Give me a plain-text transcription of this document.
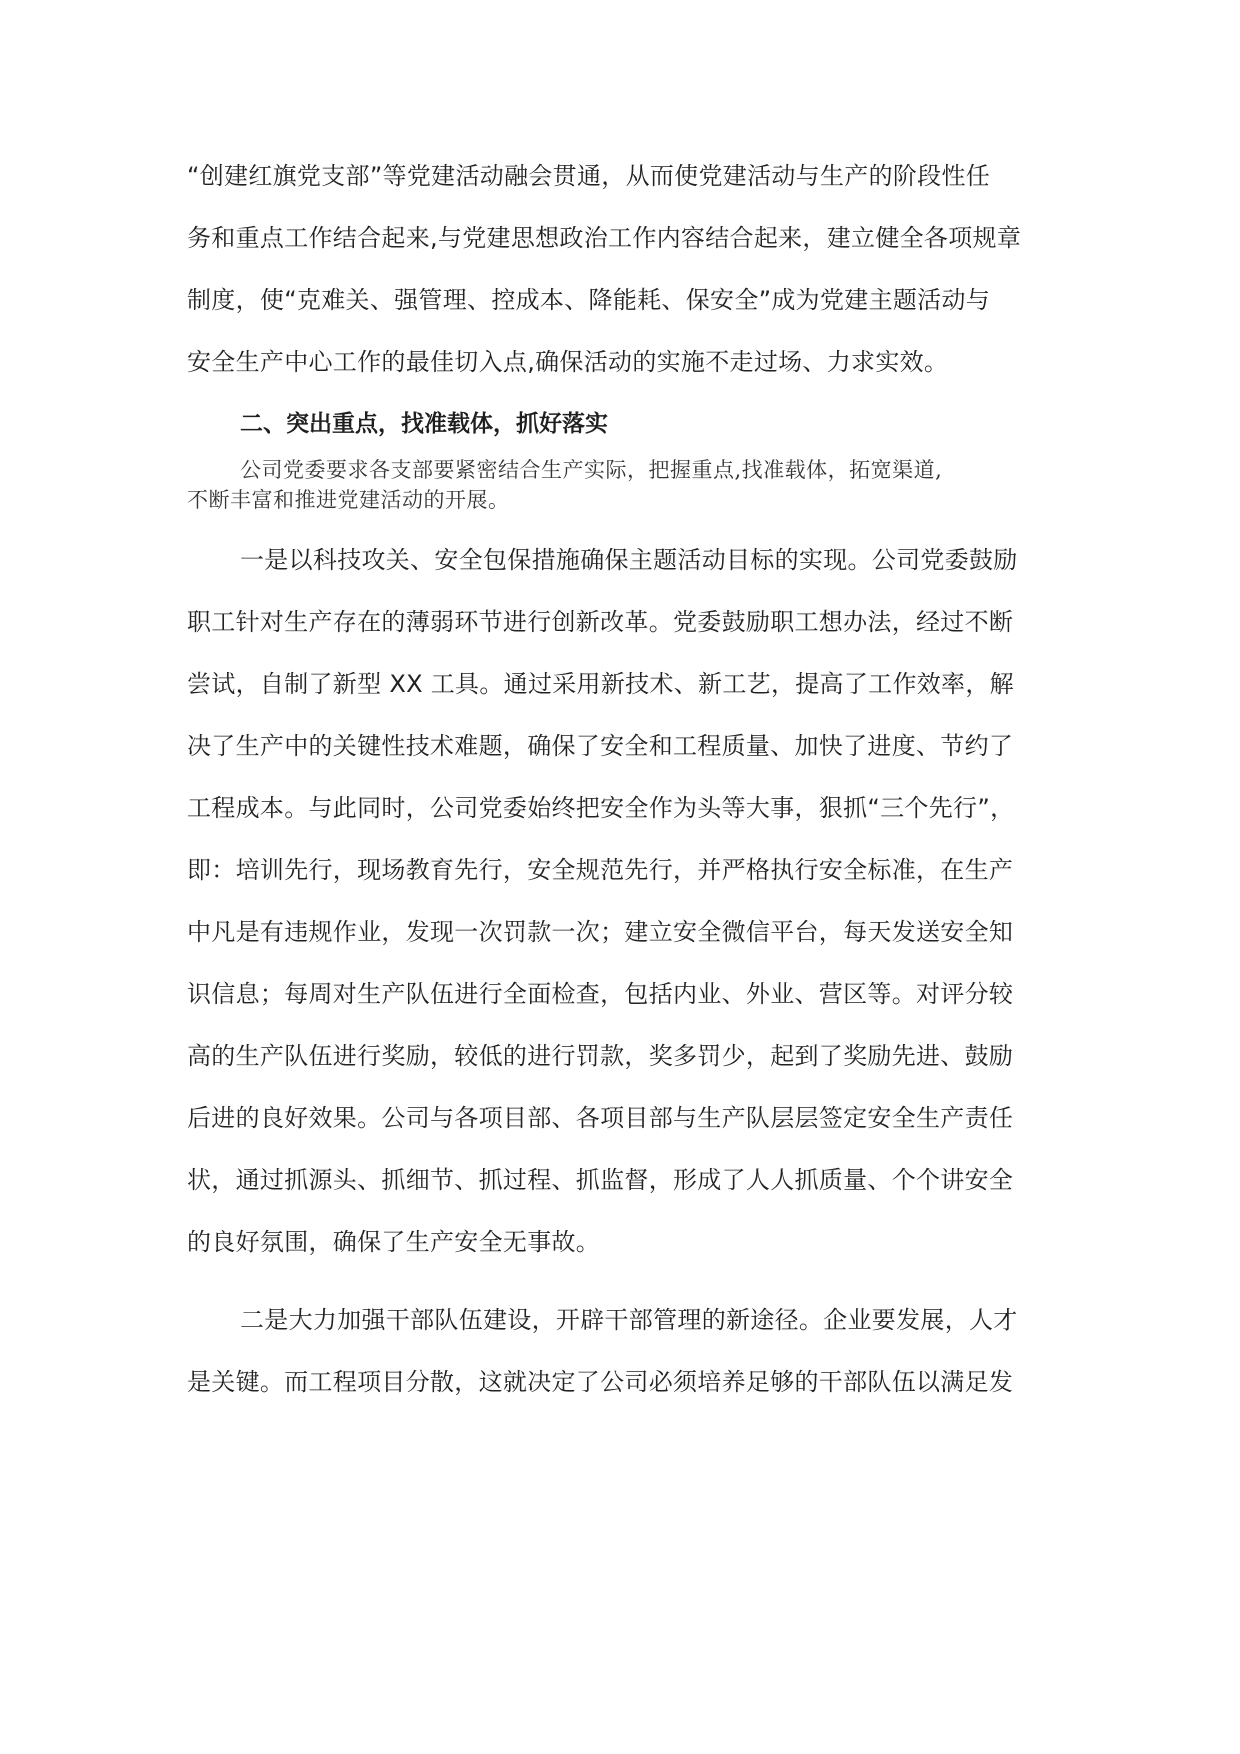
“创建红旗党支部”等党建活动融会贯通，从而使党建活动与生产的阶段性任
务和重点工作结合起来,与党建思想政治工作内容结合起来，建立健全各项规章
制度，使“克难关、强管理、控成本、降能耗、保安全”成为党建主题活动与
安全生产中心工作的最佳切入点,确保活动的实施不走过场、力求实效。
二、突出重点，找准载体，抓好落实
公司党委要求各支部要紧密结合生产实际，把握重点,找准载体，拓宽渠道,
不断丰富和推进党建活动的开展。
一是以科技攻关、安全包保措施确保主题活动目标的实现。公司党委鼓励
职工针对生产存在的薄弱环节进行创新改革。党委鼓励职工想办法，经过不断
尝试，自制了新型 XX 工具。通过采用新技术、新工艺，提高了工作效率，解
决了生产中的关键性技术难题，确保了安全和工程质量、加快了进度、节约了
工程成本。与此同时，公司党委始终把安全作为头等大事，狠抓“三个先行”，
即：培训先行，现场教育先行，安全规范先行，并严格执行安全标准，在生产
中凡是有违规作业，发现一次罚款一次；建立安全微信平台，每天发送安全知
识信息；每周对生产队伍进行全面检查，包括内业、外业、营区等。对评分较
高的生产队伍进行奖励，较低的进行罚款，奖多罚少，起到了奖励先进、鼓励
后进的良好效果。公司与各项目部、各项目部与生产队层层签定安全生产责任
状，通过抓源头、抓细节、抓过程、抓监督，形成了人人抓质量、个个讲安全
的良好氛围，确保了生产安全无事故。
二是大力加强干部队伍建设，开辟干部管理的新途径。企业要发展，人才
是关键。而工程项目分散，这就决定了公司必须培养足够的干部队伍以满足发
